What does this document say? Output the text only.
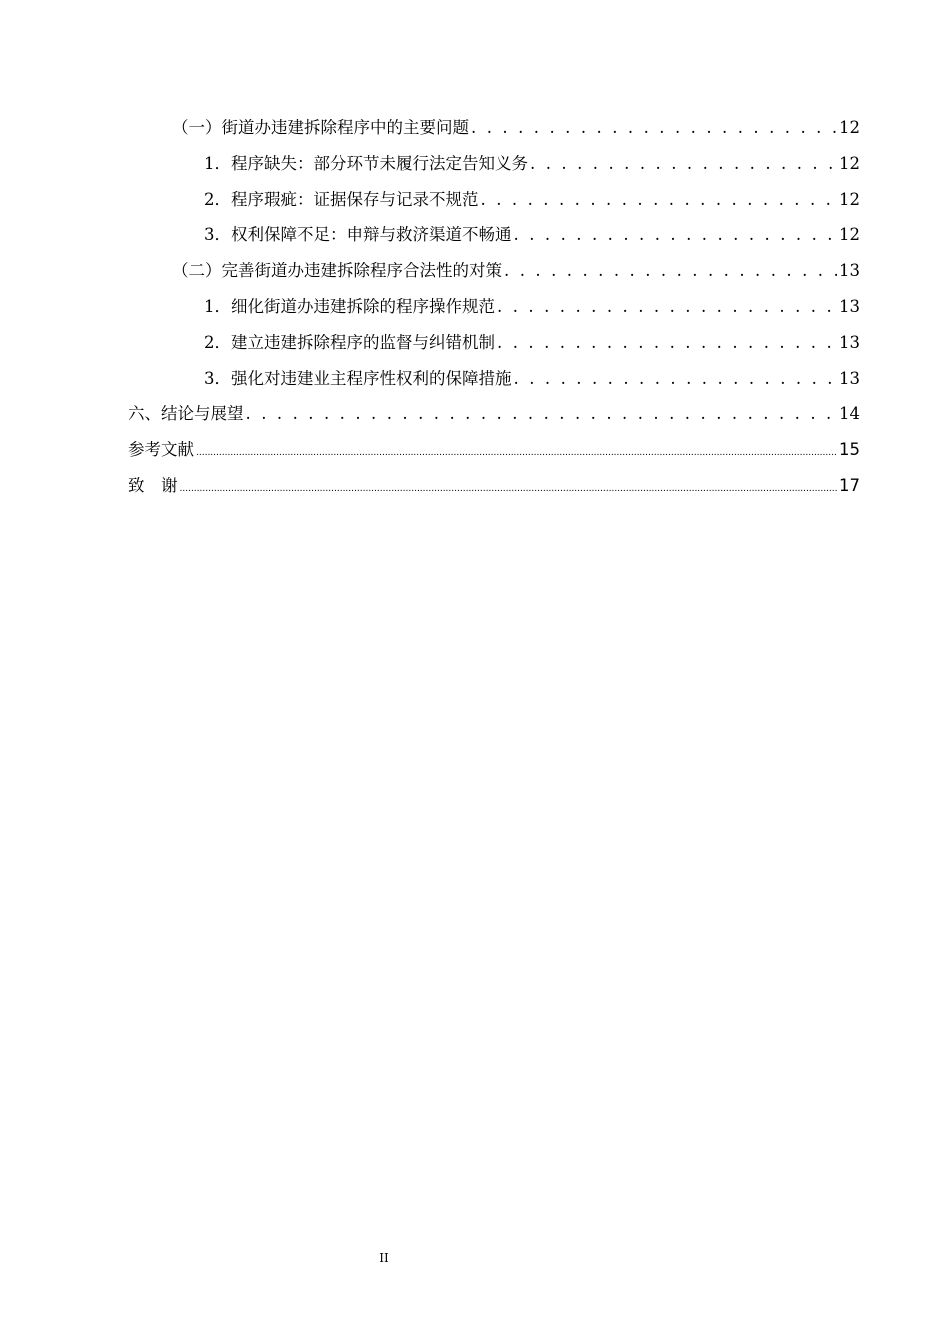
（一）街道办违建拆除程序中的主要问题 . . .	12
1．程序缺失：部分环节未履行法定告知义务 . . .	12
2．程序瑕疵：证据保存与记录不规范 . . .	12
3．权利保障不足：申辩与救济渠道不畅通 . . .	12
（二）完善街道办违建拆除程序合法性的对策 . . .	13
1．细化街道办违建拆除的程序操作规范 . . .	13
2．建立违建拆除程序的监督与纠错机制 . . .	13
3．强化对违建业主程序性权利的保障措施 . . .	13
六、结论与展望 . . .	14
参考文献 .....	15
致　谢 .....	17
II
